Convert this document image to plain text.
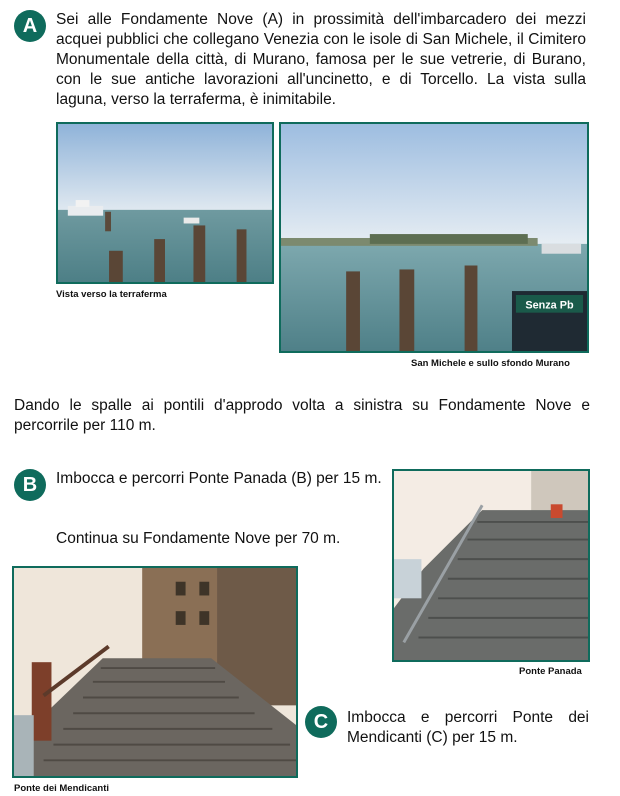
A	Sei alle Fondamente Nove (A) in prossimità dell'imbarcadero dei mezzi acquei pubblici che collegano Venezia con le isole di San Michele, il Cimitero Monumentale della città, di Murano, famosa per le sue vetrerie, di Burano, con le sue antiche lavorazioni all'uncinetto, e di Torcello. La vista sulla laguna, verso la terraferma, è inimitabile.
Vista verso la terraferma
Senza Pb
San Michele e sullo sfondo Murano
Dando le spalle ai pontili d'approdo volta a sinistra su Fondamente Nove e percorrile per 110 m.
B	Imbocca e percorri Ponte Panada (B) per 15 m.
Continua su Fondamente Nove per 70 m.
Ponte Panada
Ponte dei Mendicanti
C	Imbocca e percorri Ponte dei Mendicanti (C) per 15 m.
